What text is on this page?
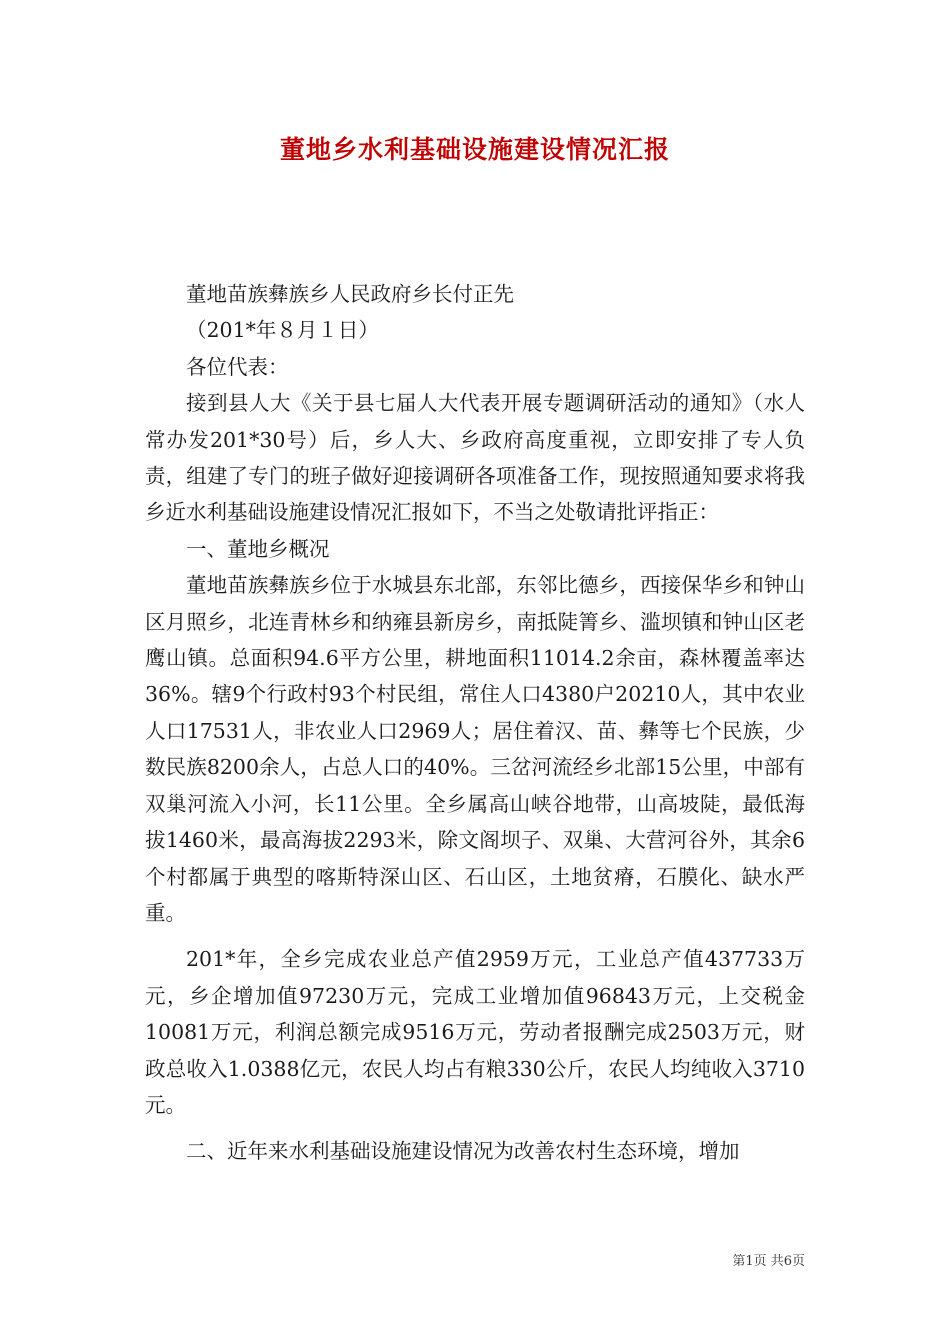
董地乡水利基础设施建设情况汇报

董地苗族彝族乡人民政府乡长付正先

（201*年８月１日）

各位代表：

接到县人大《关于县七届人大代表开展专题调研活动的通知》（水人常办发201*30号）后，乡人大、乡政府高度重视，立即安排了专人负责，组建了专门的班子做好迎接调研各项准备工作，现按照通知要求将我乡近水利基础设施建设情况汇报如下，不当之处敬请批评指正：

一、董地乡概况

董地苗族彝族乡位于水城县东北部，东邻比德乡，西接保华乡和钟山区月照乡，北连青林乡和纳雍县新房乡，南抵陡箐乡、滥坝镇和钟山区老鹰山镇。总面积94.6平方公里，耕地面积11014.2余亩，森林覆盖率达36%。辖9个行政村93个村民组，常住人口4380户20210人，其中农业人口17531人，非农业人口2969人；居住着汉、苗、彝等七个民族，少数民族8200余人，占总人口的40%。三岔河流经乡北部15公里，中部有双巢河流入小河，长11公里。全乡属高山峡谷地带，山高坡陡，最低海拔1460米，最高海拔2293米，除文阁坝子、双巢、大营河谷外，其余6个村都属于典型的喀斯特深山区、石山区，土地贫瘠，石膜化、缺水严重。

201*年，全乡完成农业总产值2959万元，工业总产值437733万元，乡企增加值97230万元，完成工业增加值96843万元，上交税金10081万元，利润总额完成9516万元，劳动者报酬完成2503万元，财政总收入1.0388亿元，农民人均占有粮330公斤，农民人均纯收入3710元。

二、近年来水利基础设施建设情况为改善农村生态环境，增加

第1页 共6页
